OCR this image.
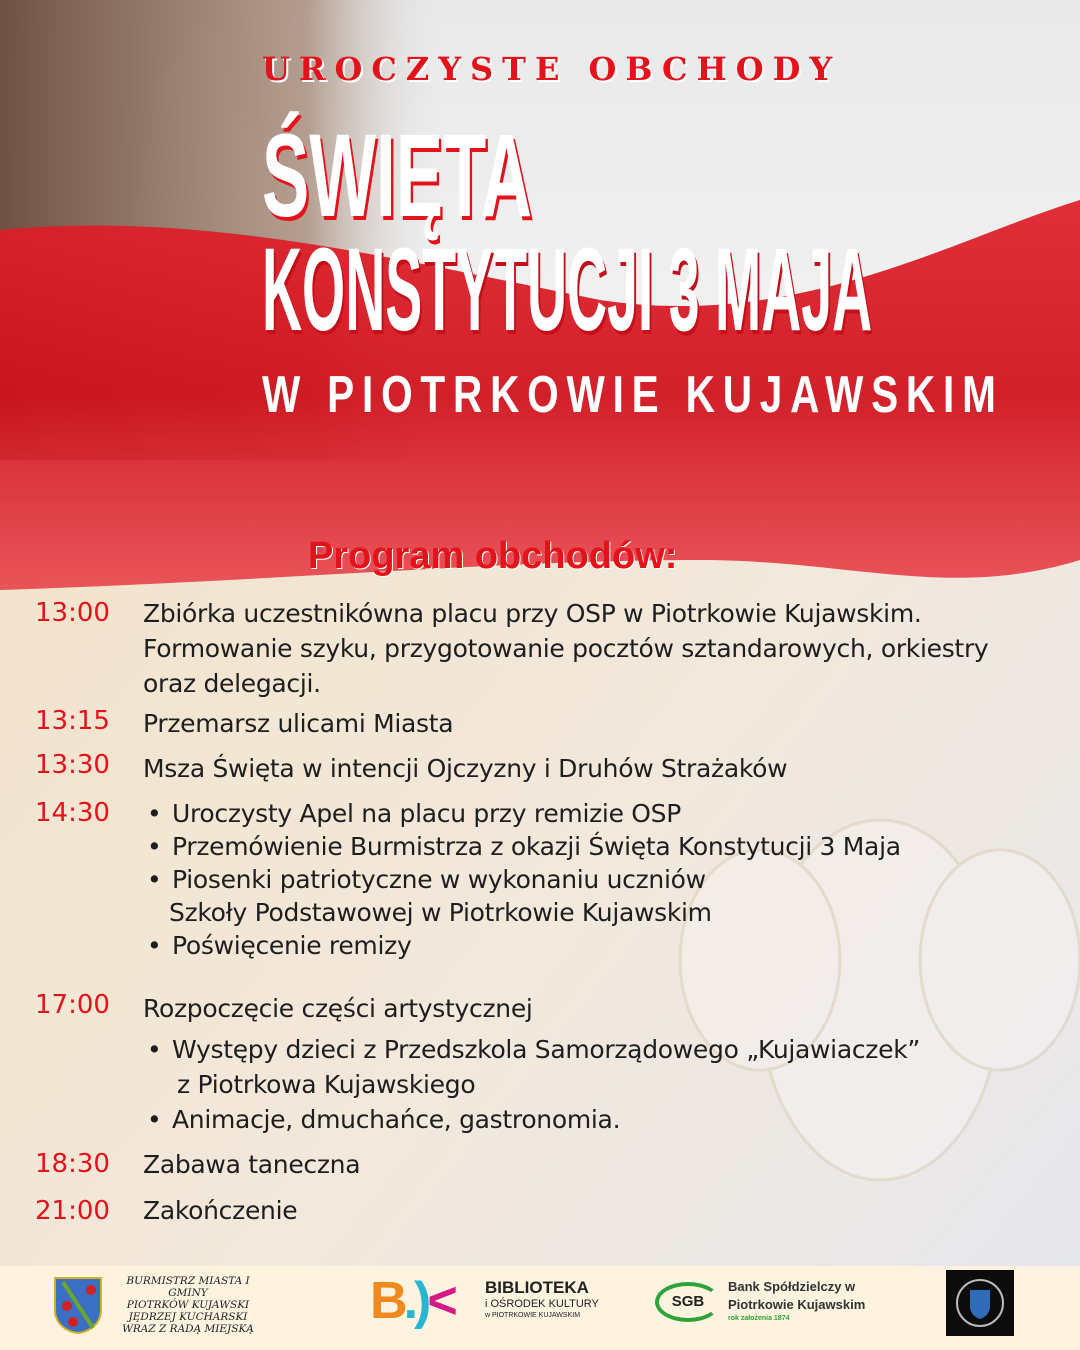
UROCZYSTE OBCHODY
ŚWIĘTA
KONSTYTUCJI 3 MAJA
W PIOTRKOWIE KUJAWSKIM
Program obchodów:
13:00 Zbiórka uczestnikówna placu przy OSP w Piotrkowie Kujawskim.
Formowanie szyku, przygotowanie pocztów sztandarowych, orkiestry
oraz delegacji.
13:15 Przemarsz ulicami Miasta
13:30 Msza Święta w intencji Ojczyzny i Druhów Strażaków
14:30	• Uroczysty Apel na placu przy remizie OSP
• Przemówienie Burmistrza z okazji Święta Konstytucji 3 Maja
• Piosenki patriotyczne w wykonaniu uczniów
Szkoły Podstawowej w Piotrkowie Kujawskim
• Poświęcenie remizy
17:00 Rozpoczęcie części artystycznej
• Występy dzieci z Przedszkola Samorządowego „Kujawiaczek”
z Piotrkowa Kujawskiego
• Animacje, dmuchańce, gastronomia.
18:30 Zabawa taneczna
21:00 Zakończenie
BURMISTRZ MIASTA I GMINY
PIOTRKÓW KUJAWSKI
JĘDRZEJ KUCHARSKI
WRAZ Z RADĄ MIEJSKĄ B.)< BIBLIOTEKA
i OŚRODEK KULTURY
w PIOTRKOWIE KUJAWSKIM
SGB
Bank Spółdzielczy w
Piotrkowie Kujawskim
rok założenia 1874
